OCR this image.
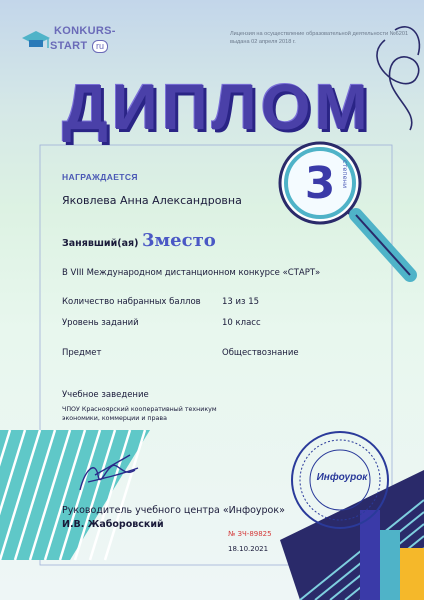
KONKURS-
START ru
Лицензия на осуществление образовательной деятельности №6201 выдана 02 апреля 2018 г.
ДИПЛОМ
3 степени
НАГРАЖДАЕТСЯ
Яковлева Анна Александровна
Занявший(ая) 3место
В VIII Международном дистанционном конкурсе «СТАРТ»
Количество набранных баллов	13 из 15
Уровень заданий	10 класс
Предмет	Обществознание
Учебное заведение
ЧПОУ Красноярский кооперативный техникум экономики, коммерции и права
Руководитель учебного центра «Инфоурок»
И.В. Жаборовский
№ ЗЧ-89825
18.10.2021
Инфоурок
